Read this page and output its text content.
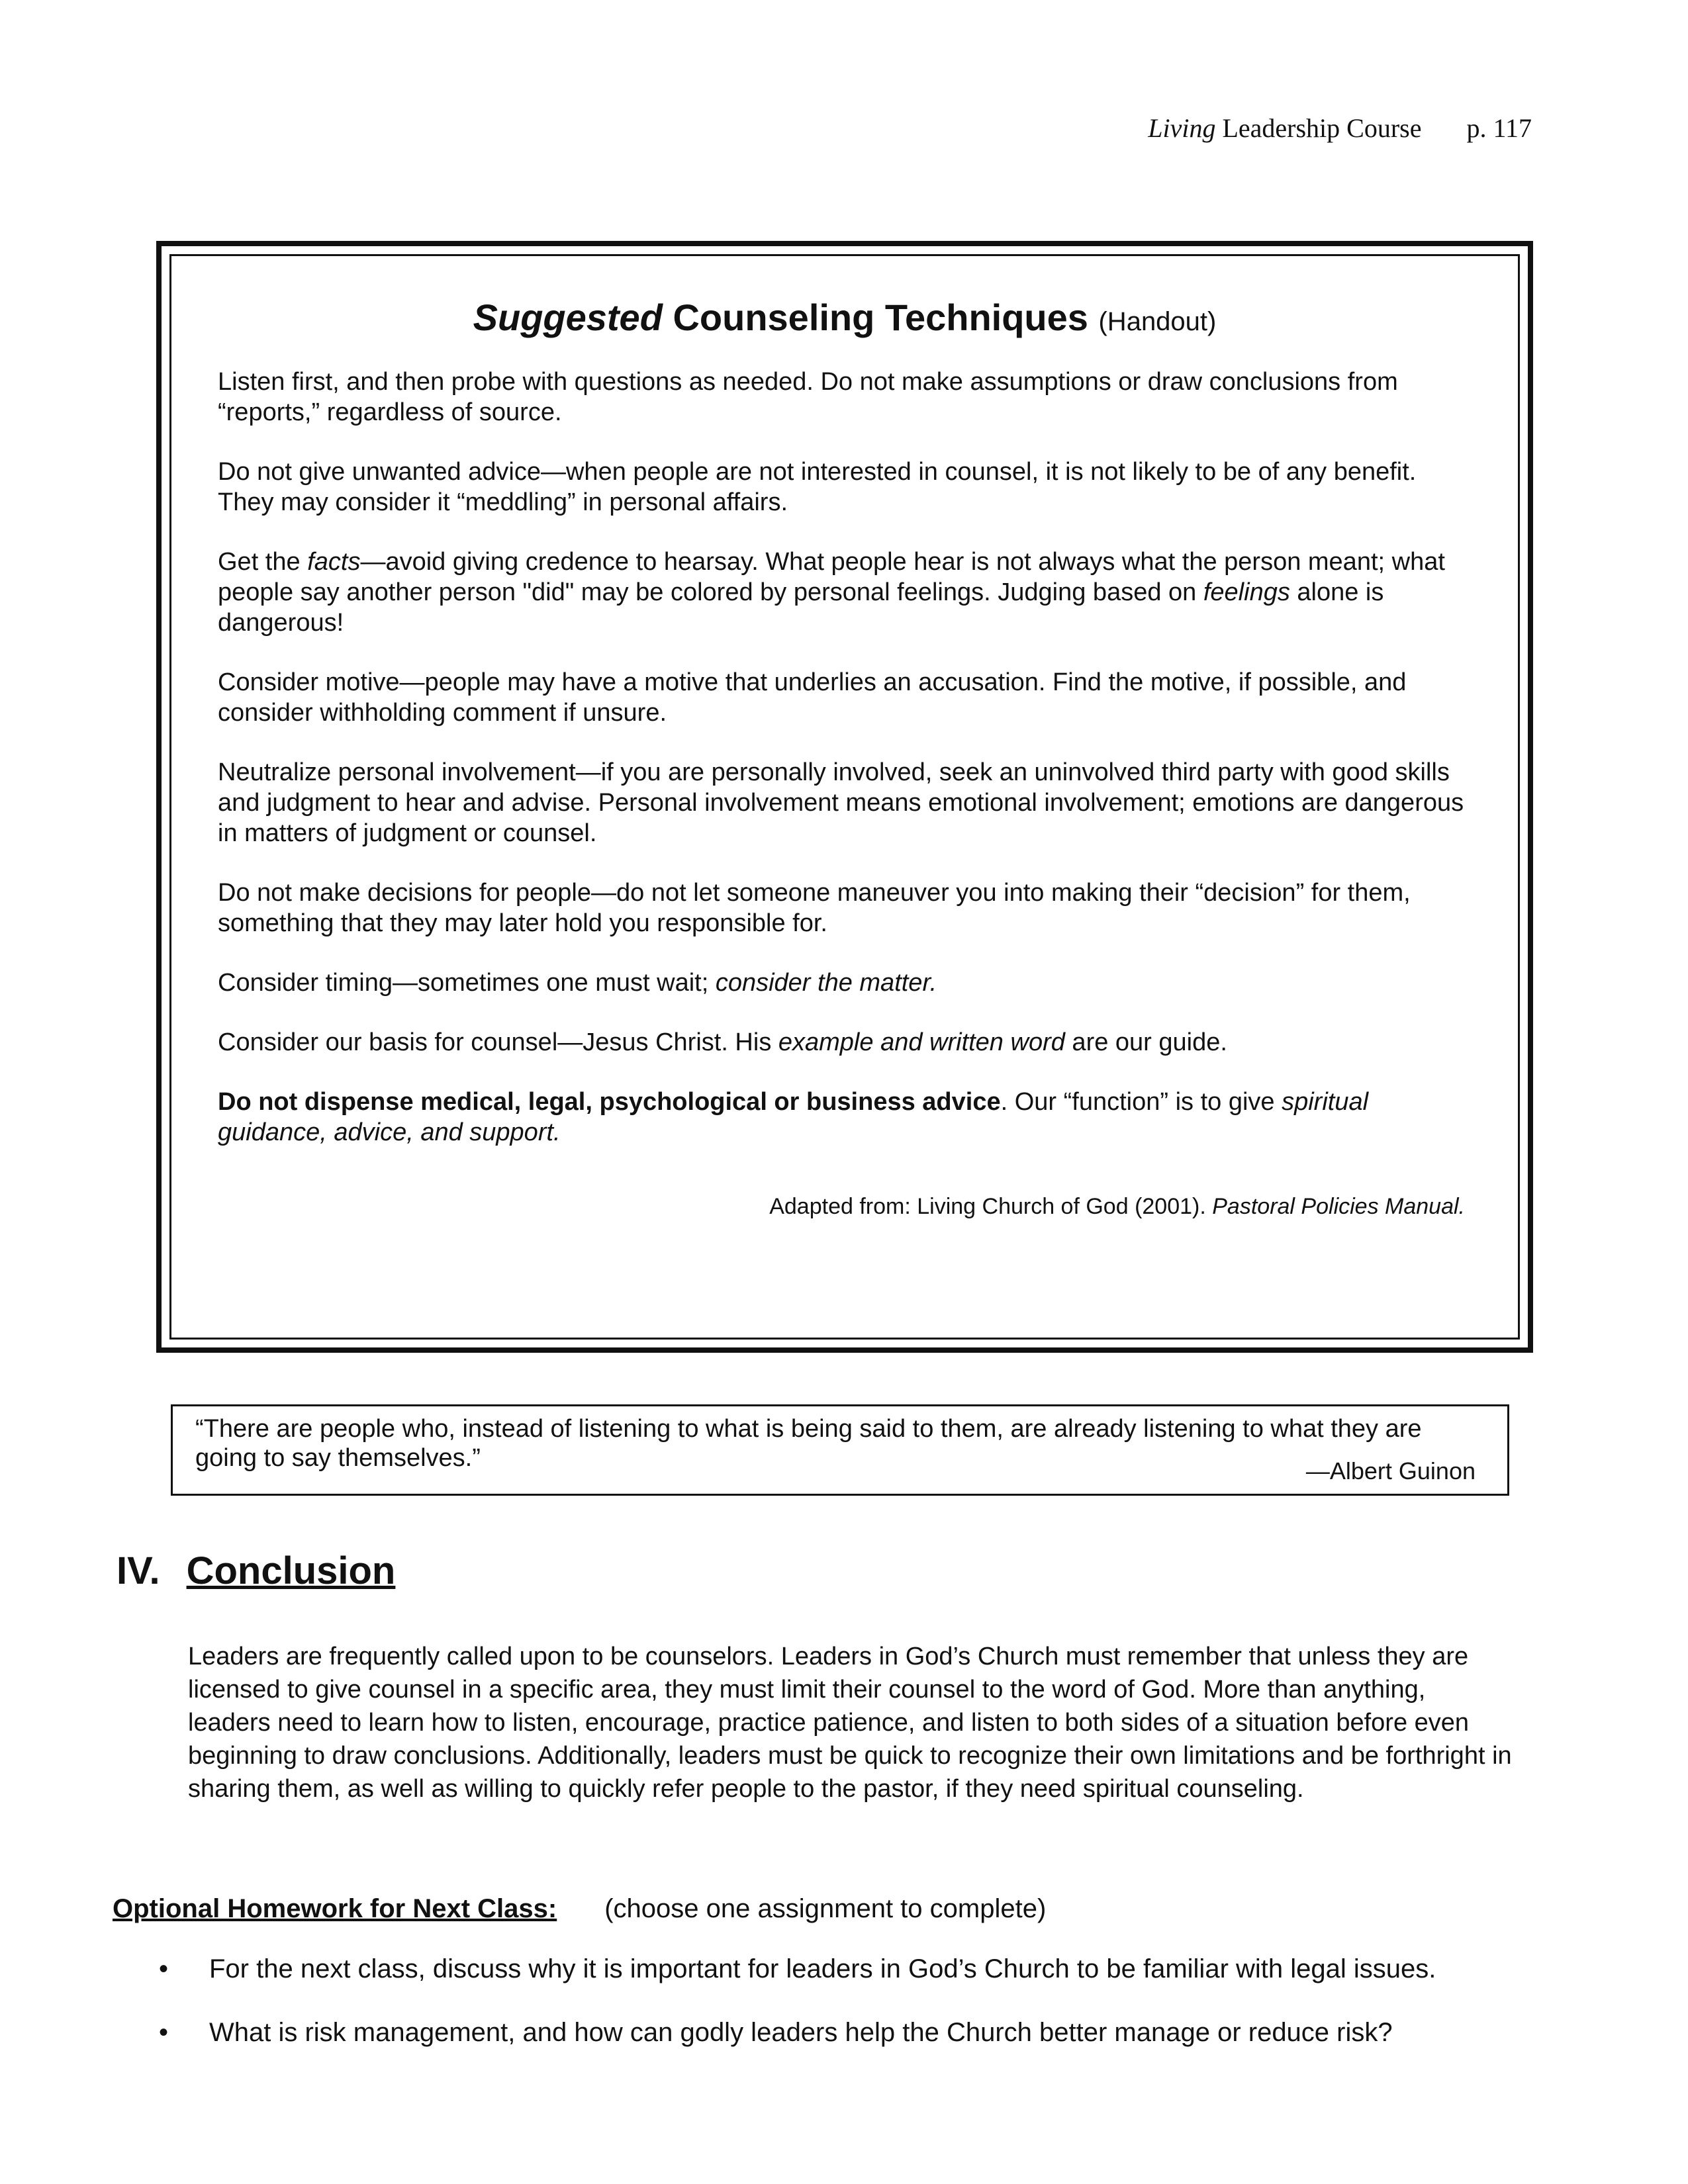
Living Leadership Course p. 117
Suggested Counseling Techniques (Handout)

Listen first, and then probe with questions as needed. Do not make assumptions or draw conclusions from “reports,” regardless of source.

Do not give unwanted advice—when people are not interested in counsel, it is not likely to be of any benefit. They may consider it “meddling” in personal affairs.

Get the facts—avoid giving credence to hearsay. What people hear is not always what the person meant; what people say another person "did" may be colored by personal feelings. Judging based on feelings alone is dangerous!

Consider motive—people may have a motive that underlies an accusation. Find the motive, if possible, and consider withholding comment if unsure.

Neutralize personal involvement—if you are personally involved, seek an uninvolved third party with good skills and judgment to hear and advise. Personal involvement means emotional involvement; emotions are dangerous in matters of judgment or counsel.

Do not make decisions for people—do not let someone maneuver you into making their “decision” for them, something that they may later hold you responsible for.

Consider timing—sometimes one must wait; consider the matter.

Consider our basis for counsel—Jesus Christ. His example and written word are our guide.

Do not dispense medical, legal, psychological or business advice. Our “function” is to give spiritual guidance, advice, and support.

Adapted from: Living Church of God (2001). Pastoral Policies Manual.
“There are people who, instead of listening to what is being said to them, are already listening to what they are going to say themselves.”	—Albert Guinon
IV. Conclusion

Leaders are frequently called upon to be counselors. Leaders in God’s Church must remember that unless they are licensed to give counsel in a specific area, they must limit their counsel to the word of God. More than anything, leaders need to learn how to listen, encourage, practice patience, and listen to both sides of a situation before even beginning to draw conclusions. Additionally, leaders must be quick to recognize their own limitations and be forthright in sharing them, as well as willing to quickly refer people to the pastor, if they need spiritual counseling.

Optional Homework for Next Class: (choose one assignment to complete)
• For the next class, discuss why it is important for leaders in God’s Church to be familiar with legal issues.
• What is risk management, and how can godly leaders help the Church better manage or reduce risk?
